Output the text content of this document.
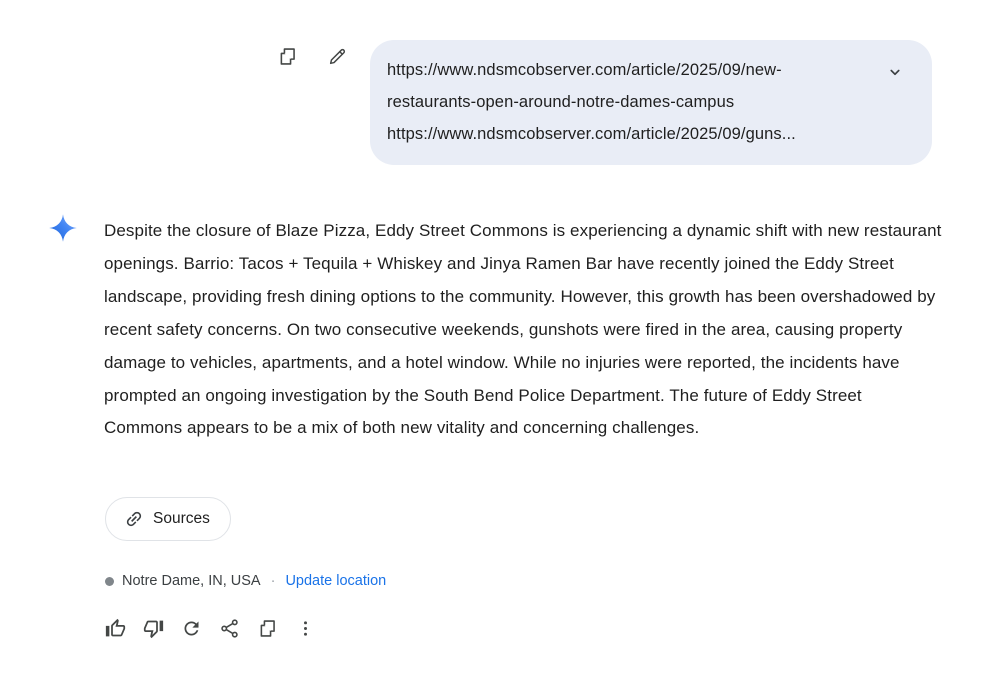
https://www.ndsmcobserver.com/article/2025/09/new-
restaurants-open-around-notre-dames-campus
https://www.ndsmcobserver.com/article/2025/09/guns...
Despite the closure of Blaze Pizza, Eddy Street Commons is experiencing a dynamic shift with new restaurant openings. Barrio: Tacos + Tequila + Whiskey and Jinya Ramen Bar have recently joined the Eddy Street landscape, providing fresh dining options to the community. However, this growth has been overshadowed by recent safety concerns. On two consecutive weekends, gunshots were fired in the area, causing property damage to vehicles, apartments, and a hotel window. While no injuries were reported, the incidents have prompted an ongoing investigation by the South Bend Police Department. The future of Eddy Street Commons appears to be a mix of both new vitality and concerning challenges.
Sources
Notre Dame, IN, USA · Update location
